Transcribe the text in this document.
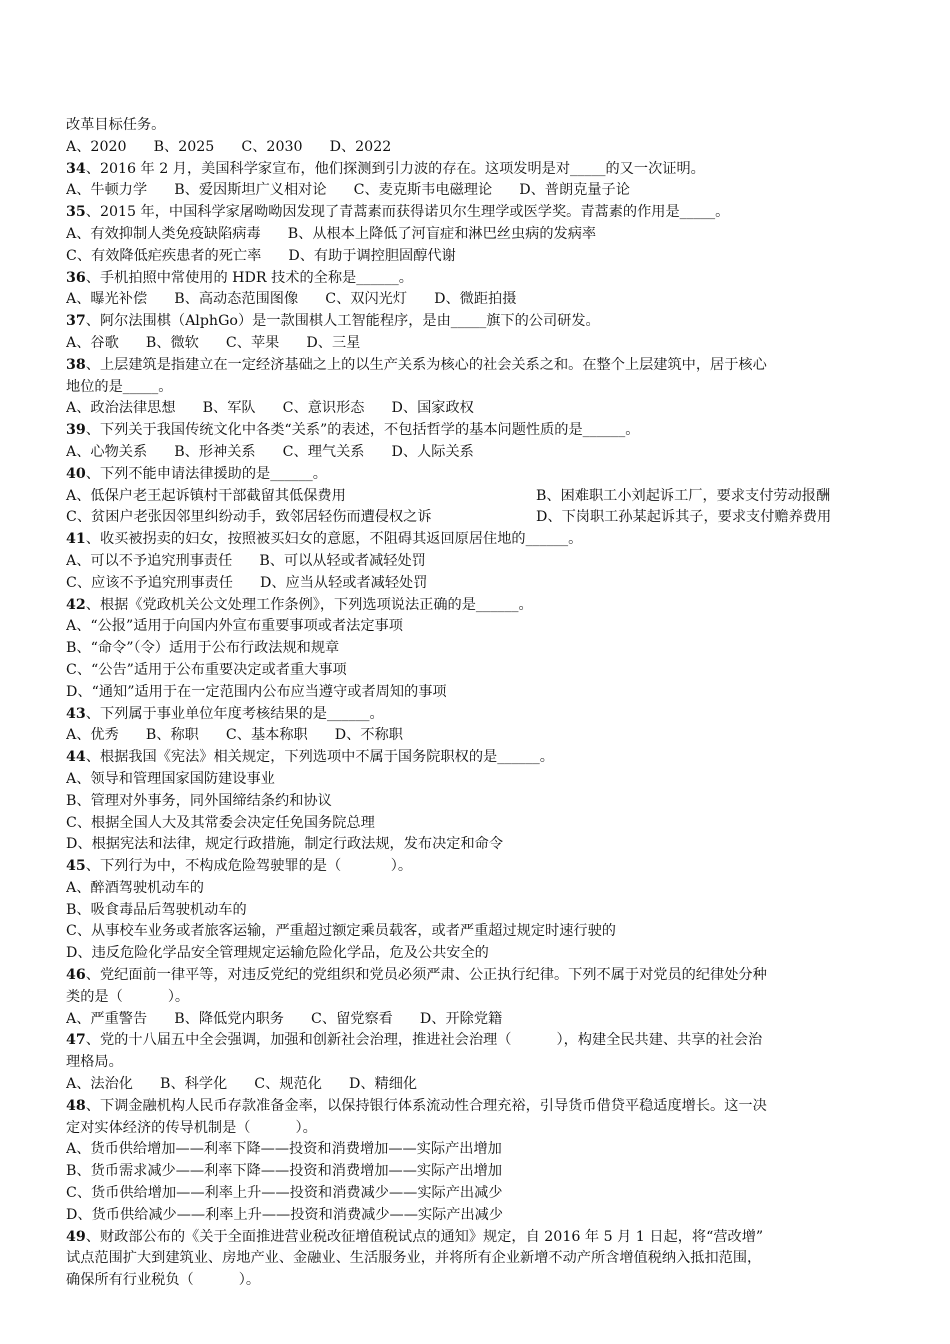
改革目标任务。
A、2020      B、2025      C、2030      D、2022
34、2016 年 2 月，美国科学家宣布，他们探测到引力波的存在。这项发明是对_____的又一次证明。
A、牛顿力学      B、爱因斯坦广义相对论      C、麦克斯韦电磁理论      D、普朗克量子论
35、2015 年，中国科学家屠呦呦因发现了青蒿素而获得诺贝尔生理学或医学奖。青蒿素的作用是_____。
A、有效抑制人类免疫缺陷病毒      B、从根本上降低了河盲症和淋巴丝虫病的发病率
C、有效降低疟疾患者的死亡率      D、有助于调控胆固醇代谢
36、手机拍照中常使用的 HDR 技术的全称是______。
A、曝光补偿      B、高动态范围图像      C、双闪光灯      D、微距拍摄
37、阿尔法围棋（AlphGo）是一款围棋人工智能程序，是由_____旗下的公司研发。
A、谷歌      B、微软      C、苹果      D、三星
38、上层建筑是指建立在一定经济基础之上的以生产关系为核心的社会关系之和。在整个上层建筑中，居于核心
地位的是_____。
A、政治法律思想      B、军队      C、意识形态      D、国家政权
39、下列关于我国传统文化中各类“关系”的表述，不包括哲学的基本问题性质的是______。
A、心物关系      B、形神关系      C、理气关系      D、人际关系
40、下列不能申请法律援助的是______。
A、低保户老王起诉镇村干部截留其低保费用	B、困难职工小刘起诉工厂，要求支付劳动报酬
C、贫困户老张因邻里纠纷动手，致邻居轻伤而遭侵权之诉	D、下岗职工孙某起诉其子，要求支付赡养费用
41、收买被拐卖的妇女，按照被买妇女的意愿，不阻碍其返回原居住地的______。
A、可以不予追究刑事责任      B、可以从轻或者减轻处罚
C、应该不予追究刑事责任      D、应当从轻或者减轻处罚
42、根据《党政机关公文处理工作条例》，下列选项说法正确的是______。
A、“公报”适用于向国内外宣布重要事项或者法定事项
B、“命令”（令）适用于公布行政法规和规章
C、“公告”适用于公布重要决定或者重大事项
D、“通知”适用于在一定范围内公布应当遵守或者周知的事项
43、下列属于事业单位年度考核结果的是______。
A、优秀      B、称职      C、基本称职      D、不称职
44、根据我国《宪法》相关规定，下列选项中不属于国务院职权的是______。
A、领导和管理国家国防建设事业
B、管理对外事务，同外国缔结条约和协议
C、根据全国人大及其常委会决定任免国务院总理
D、根据宪法和法律，规定行政措施，制定行政法规，发布决定和命令
45、下列行为中，不构成危险驾驶罪的是（           ）。
A、醉酒驾驶机动车的
B、吸食毒品后驾驶机动车的
C、从事校车业务或者旅客运输，严重超过额定乘员载客，或者严重超过规定时速行驶的
D、违反危险化学品安全管理规定运输危险化学品，危及公共安全的
46、党纪面前一律平等，对违反党纪的党组织和党员必须严肃、公正执行纪律。下列不属于对党员的纪律处分种
类的是（          ）。
A、严重警告      B、降低党内职务      C、留党察看      D、开除党籍
47、党的十八届五中全会强调，加强和创新社会治理，推进社会治理（          ），构建全民共建、共享的社会治
理格局。
A、法治化      B、科学化      C、规范化      D、精细化
48、下调金融机构人民币存款准备金率，以保持银行体系流动性合理充裕，引导货币借贷平稳适度增长。这一决
定对实体经济的传导机制是（          ）。
A、货币供给增加——利率下降——投资和消费增加——实际产出增加
B、货币需求减少——利率下降——投资和消费增加——实际产出增加
C、货币供给增加——利率上升——投资和消费减少——实际产出减少
D、货币供给减少——利率上升——投资和消费减少——实际产出减少
49、财政部公布的《关于全面推进营业税改征增值税试点的通知》规定，自 2016 年 5 月 1 日起，将“营改增”
试点范围扩大到建筑业、房地产业、金融业、生活服务业，并将所有企业新增不动产所含增值税纳入抵扣范围，
确保所有行业税负（          ）。
